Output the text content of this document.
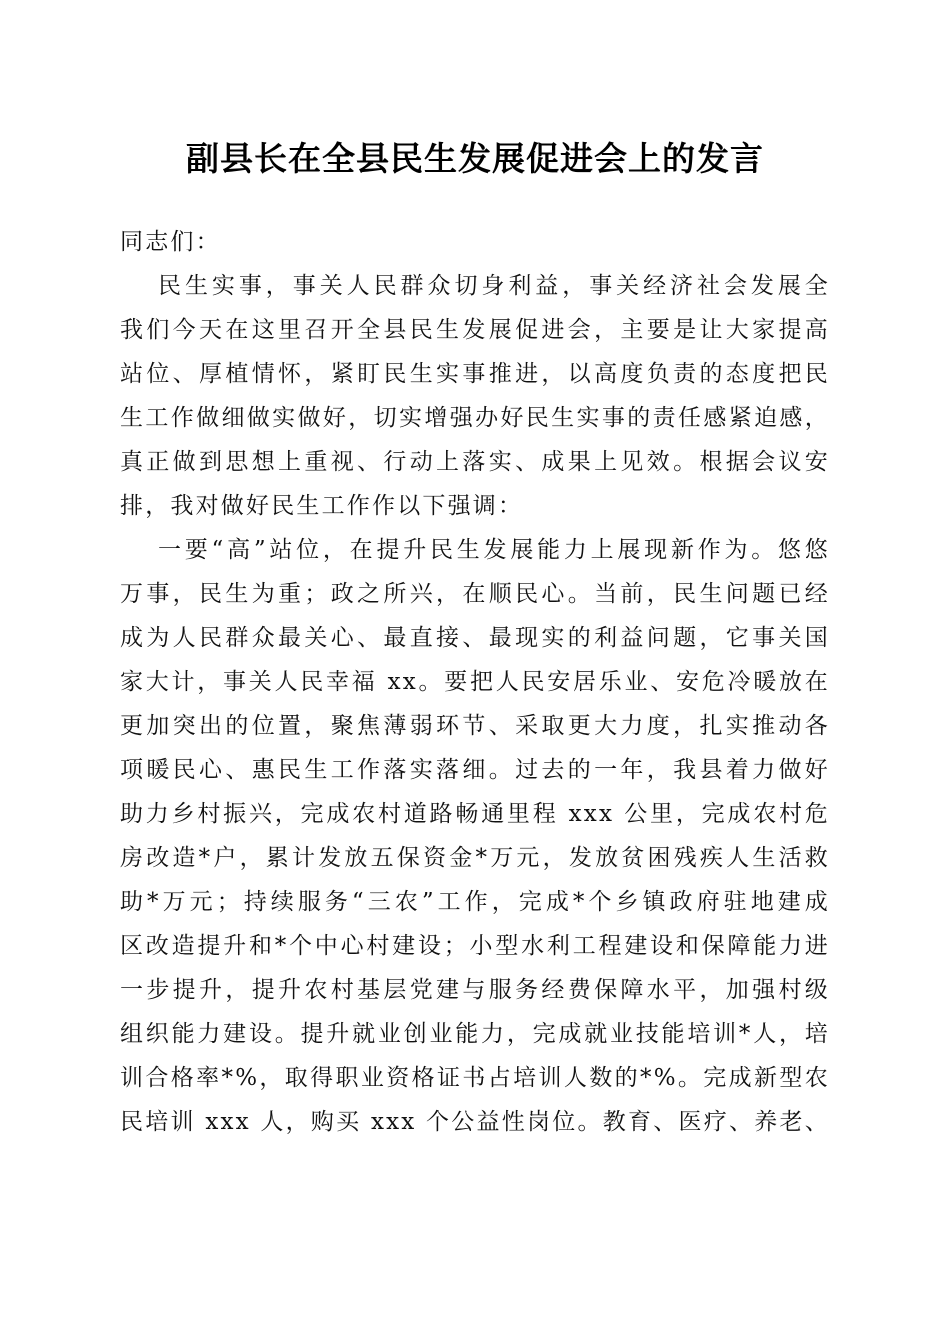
副县长在全县民生发展促进会上的发言
同志们：
民生实事，事关人民群众切身利益，事关经济社会发展全
我们今天在这里召开全县民生发展促进会，主要是让大家提高
站位、厚植情怀，紧盯民生实事推进，以高度负责的态度把民
生工作做细做实做好，切实增强办好民生实事的责任感紧迫感，
真正做到思想上重视、行动上落实、成果上见效。根据会议安
排，我对做好民生工作作以下强调：
一要“高”站位，在提升民生发展能力上展现新作为。悠悠
万事，民生为重；政之所兴，在顺民心。当前，民生问题已经
成为人民群众最关心、最直接、最现实的利益问题，它事关国
家大计，事关人民幸福 xx。要把人民安居乐业、安危冷暖放在
更加突出的位置，聚焦薄弱环节、采取更大力度，扎实推动各
项暖民心、惠民生工作落实落细。过去的一年，我县着力做好
助力乡村振兴，完成农村道路畅通里程 xxx 公里，完成农村危
房改造*户，累计发放五保资金*万元，发放贫困残疾人生活救
助*万元；持续服务“三农”工作，完成*个乡镇政府驻地建成
区改造提升和*个中心村建设；小型水利工程建设和保障能力进
一步提升，提升农村基层党建与服务经费保障水平，加强村级
组织能力建设。提升就业创业能力，完成就业技能培训*人，培
训合格率*%，取得职业资格证书占培训人数的*%。完成新型农
民培训 xxx 人，购买 xxx 个公益性岗位。教育、医疗、养老、
